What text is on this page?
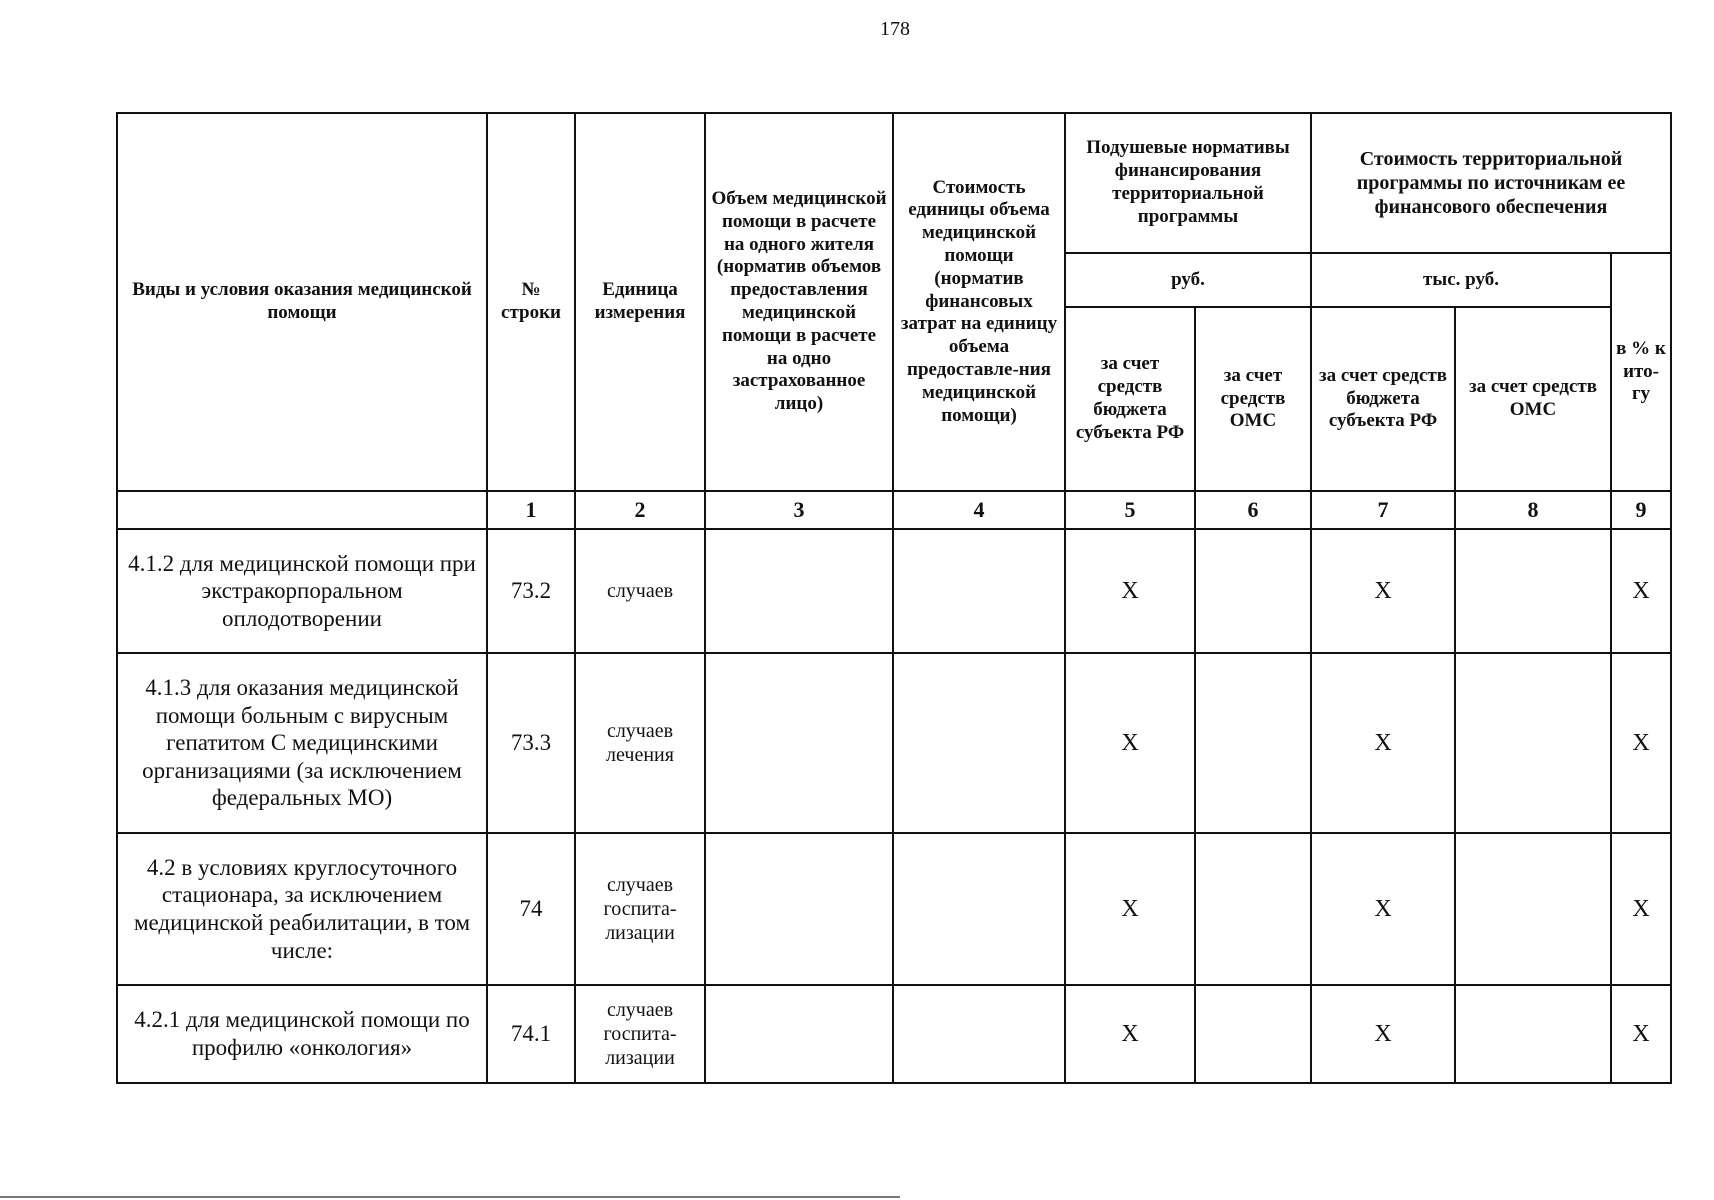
178
Виды и условия оказания медицинской помощи	№ строки	Единица измерения	Объем медицинской помощи в расчете на одного жителя (норматив объемов предоставления медицинской помощи в расчете на одно застрахованное лицо)	Стоимость единицы объема медицинской помощи (норматив финансовых затрат на единицу объема предоставле-ния медицинской помощи)	Подушевые нормативы финансирования территориальной программы		Стоимость территориальной программы по источникам ее финансового обеспечения		
					руб.		тыс. руб.		в % к ито-гу
					за счет средств бюджета субъекта РФ	за счет средств ОМС	за счет средств бюджета субъекта РФ	за счет средств ОМС	
	1	2	3	4	5	6	7	8	9
4.1.2 для медицинской помощи при экстракорпоральном оплодотворении	73.2	случаев			Х		Х		Х
4.1.3 для оказания медицинской помощи больным с вирусным гепатитом С медицинскими организациями (за исключением федеральных МО)	73.3	случаев лечения			Х		Х		Х
4.2 в условиях круглосуточного стационара, за исключением медицинской реабилитации, в том числе:	74	случаев госпита-лизации			Х		Х		Х
4.2.1 для медицинской помощи по профилю «онкология»	74.1	случаев госпита-лизации			Х		Х		Х
